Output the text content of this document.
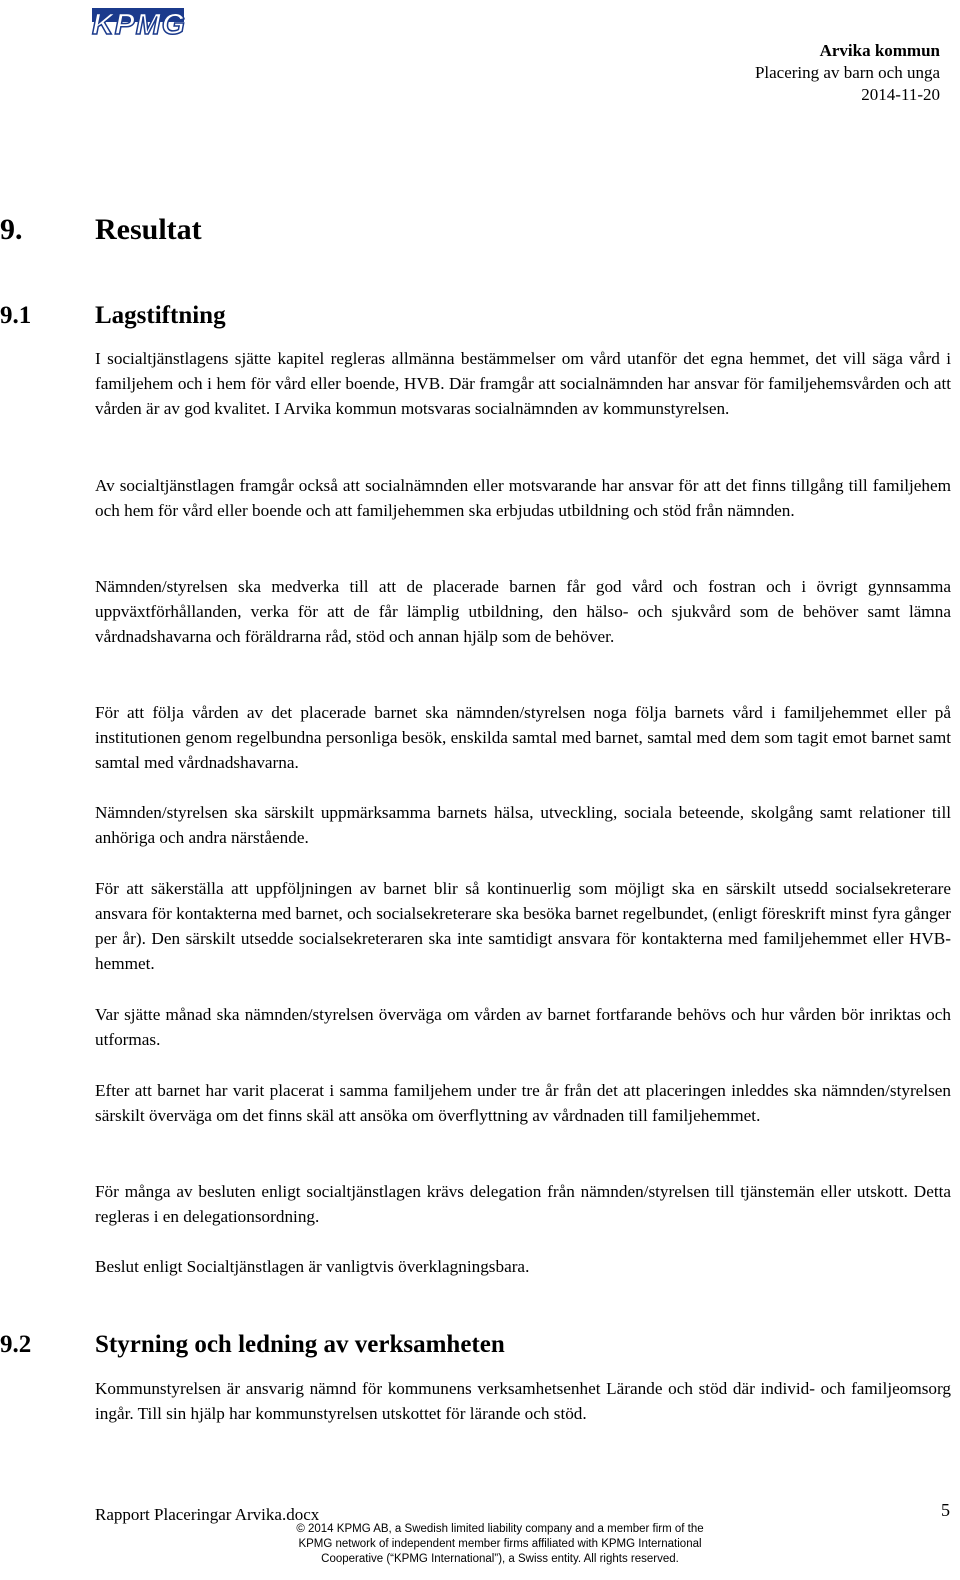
KPMG
Arvika kommun
Placering av barn och unga
2014-11-20
9. Resultat
9.1	Lagstiftning

I socialtjänstlagens sjätte kapitel regleras allmänna bestämmelser om vård utanför det egna hemmet, det vill säga vård i familjehem och i hem för vård eller boende, HVB. Där framgår att socialnämnden har ansvar för familjehemsvården och att vården är av god kvalitet. I Arvika kommun motsvaras socialnämnden av kommunstyrelsen.

Av socialtjänstlagen framgår också att socialnämnden eller motsvarande har ansvar för att det finns tillgång till familjehem och hem för vård eller boende och att familjehemmen ska erbjudas utbildning och stöd från nämnden.

Nämnden/styrelsen ska medverka till att de placerade barnen får god vård och fostran och i övrigt gynnsamma uppväxtförhållanden, verka för att de får lämplig utbildning, den hälso- och sjukvård som de behöver samt lämna vårdnadshavarna och föräldrarna råd, stöd och annan hjälp som de behöver.

För att följa vården av det placerade barnet ska nämnden/styrelsen noga följa barnets vård i familjehemmet eller på institutionen genom regelbundna personliga besök, enskilda samtal med barnet, samtal med dem som tagit emot barnet samt samtal med vårdnadshavarna.

Nämnden/styrelsen ska särskilt uppmärksamma barnets hälsa, utveckling, sociala beteende, skolgång samt relationer till anhöriga och andra närstående.

För att säkerställa att uppföljningen av barnet blir så kontinuerlig som möjligt ska en särskilt utsedd socialsekreterare ansvara för kontakterna med barnet, och socialsekreterare ska besöka barnet regelbundet, (enligt föreskrift minst fyra gånger per år). Den särskilt utsedde socialsekreteraren ska inte samtidigt ansvara för kontakterna med familjehemmet eller HVB-hemmet.

Var sjätte månad ska nämnden/styrelsen överväga om vården av barnet fortfarande behövs och hur vården bör inriktas och utformas.

Efter att barnet har varit placerat i samma familjehem under tre år från det att placeringen inleddes ska nämnden/styrelsen särskilt överväga om det finns skäl att ansöka om överflyttning av vårdnaden till familjehemmet.

För många av besluten enligt socialtjänstlagen krävs delegation från nämnden/styrelsen till tjänstemän eller utskott. Detta regleras i en delegationsordning.

Beslut enligt Socialtjänstlagen är vanligtvis överklagningsbara.

9.2	Styrning och ledning av verksamheten

Kommunstyrelsen är ansvarig nämnd för kommunens verksamhetsenhet Lärande och stöd där individ- och familjeomsorg ingår. Till sin hjälp har kommunstyrelsen utskottet för lärande och stöd.

Rapport Placeringar Arvika.docx	5
© 2014 KPMG AB, a Swedish limited liability company and a member firm of the
KPMG network of independent member firms affiliated with KPMG International
Cooperative (“KPMG International”), a Swiss entity. All rights reserved.
